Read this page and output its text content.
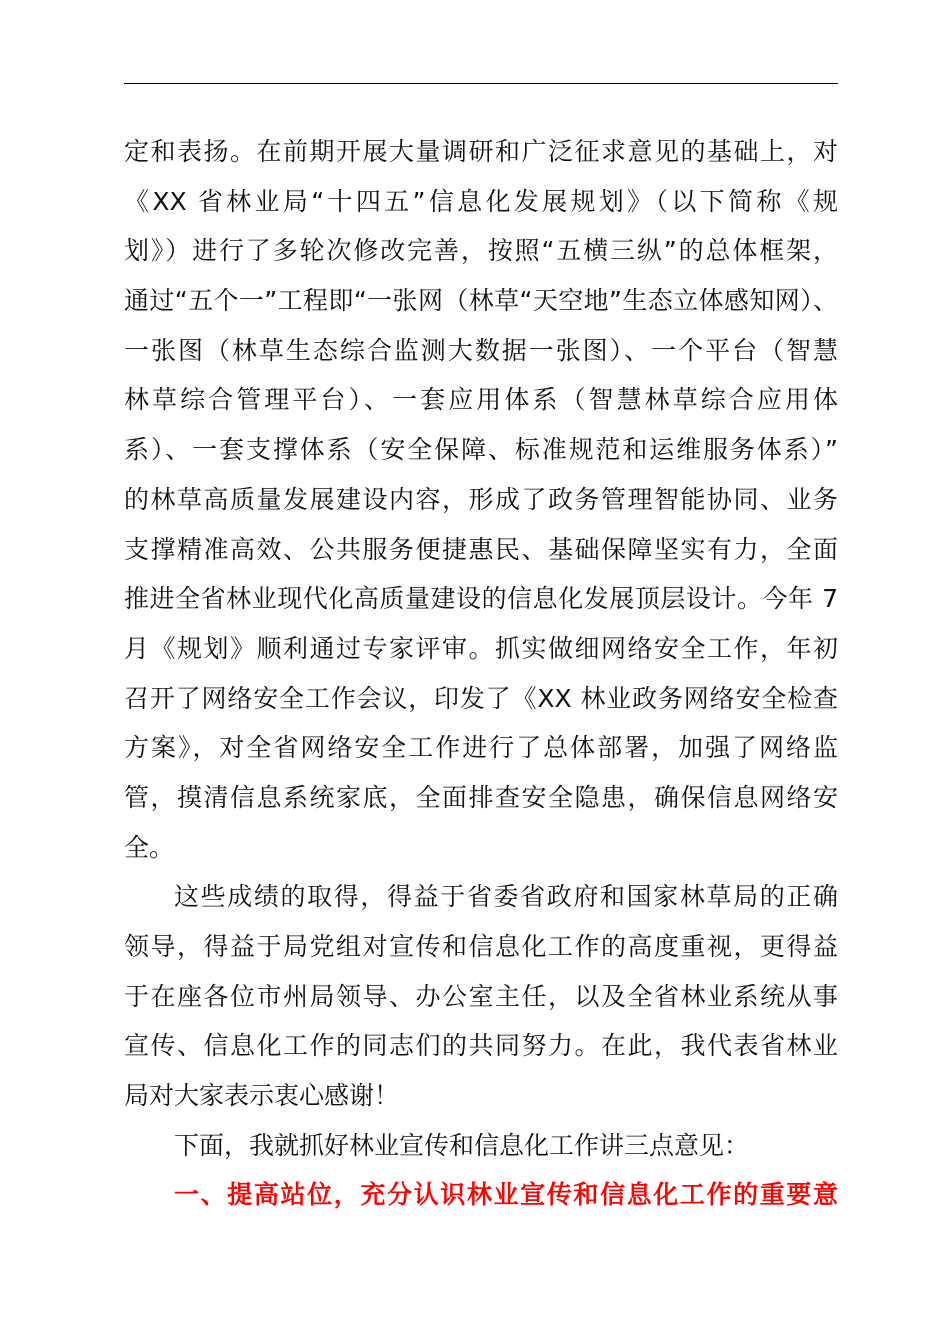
定和表扬。在前期开展大量调研和广泛征求意见的基础上，对
《XX 省林业局“十四五”信息化发展规划》（以下简称《规
划》）进行了多轮次修改完善，按照“五横三纵”的总体框架，
通过“五个一”工程即“一张网（林草“天空地”生态立体感知网）、
一张图（林草生态综合监测大数据一张图）、一个平台（智慧
林草综合管理平台）、一套应用体系（智慧林草综合应用体
系）、一套支撑体系（安全保障、标准规范和运维服务体系）”
的林草高质量发展建设内容，形成了政务管理智能协同、业务
支撑精准高效、公共服务便捷惠民、基础保障坚实有力，全面
推进全省林业现代化高质量建设的信息化发展顶层设计。今年 7
月《规划》顺利通过专家评审。抓实做细网络安全工作，年初
召开了网络安全工作会议，印发了《XX 林业政务网络安全检查
方案》，对全省网络安全工作进行了总体部署，加强了网络监
管，摸清信息系统家底，全面排查安全隐患，确保信息网络安
全。
这些成绩的取得，得益于省委省政府和国家林草局的正确
领导，得益于局党组对宣传和信息化工作的高度重视，更得益
于在座各位市州局领导、办公室主任，以及全省林业系统从事
宣传、信息化工作的同志们的共同努力。在此，我代表省林业
局对大家表示衷心感谢！
下面，我就抓好林业宣传和信息化工作讲三点意见：
一、提高站位，充分认识林业宣传和信息化工作的重要意
